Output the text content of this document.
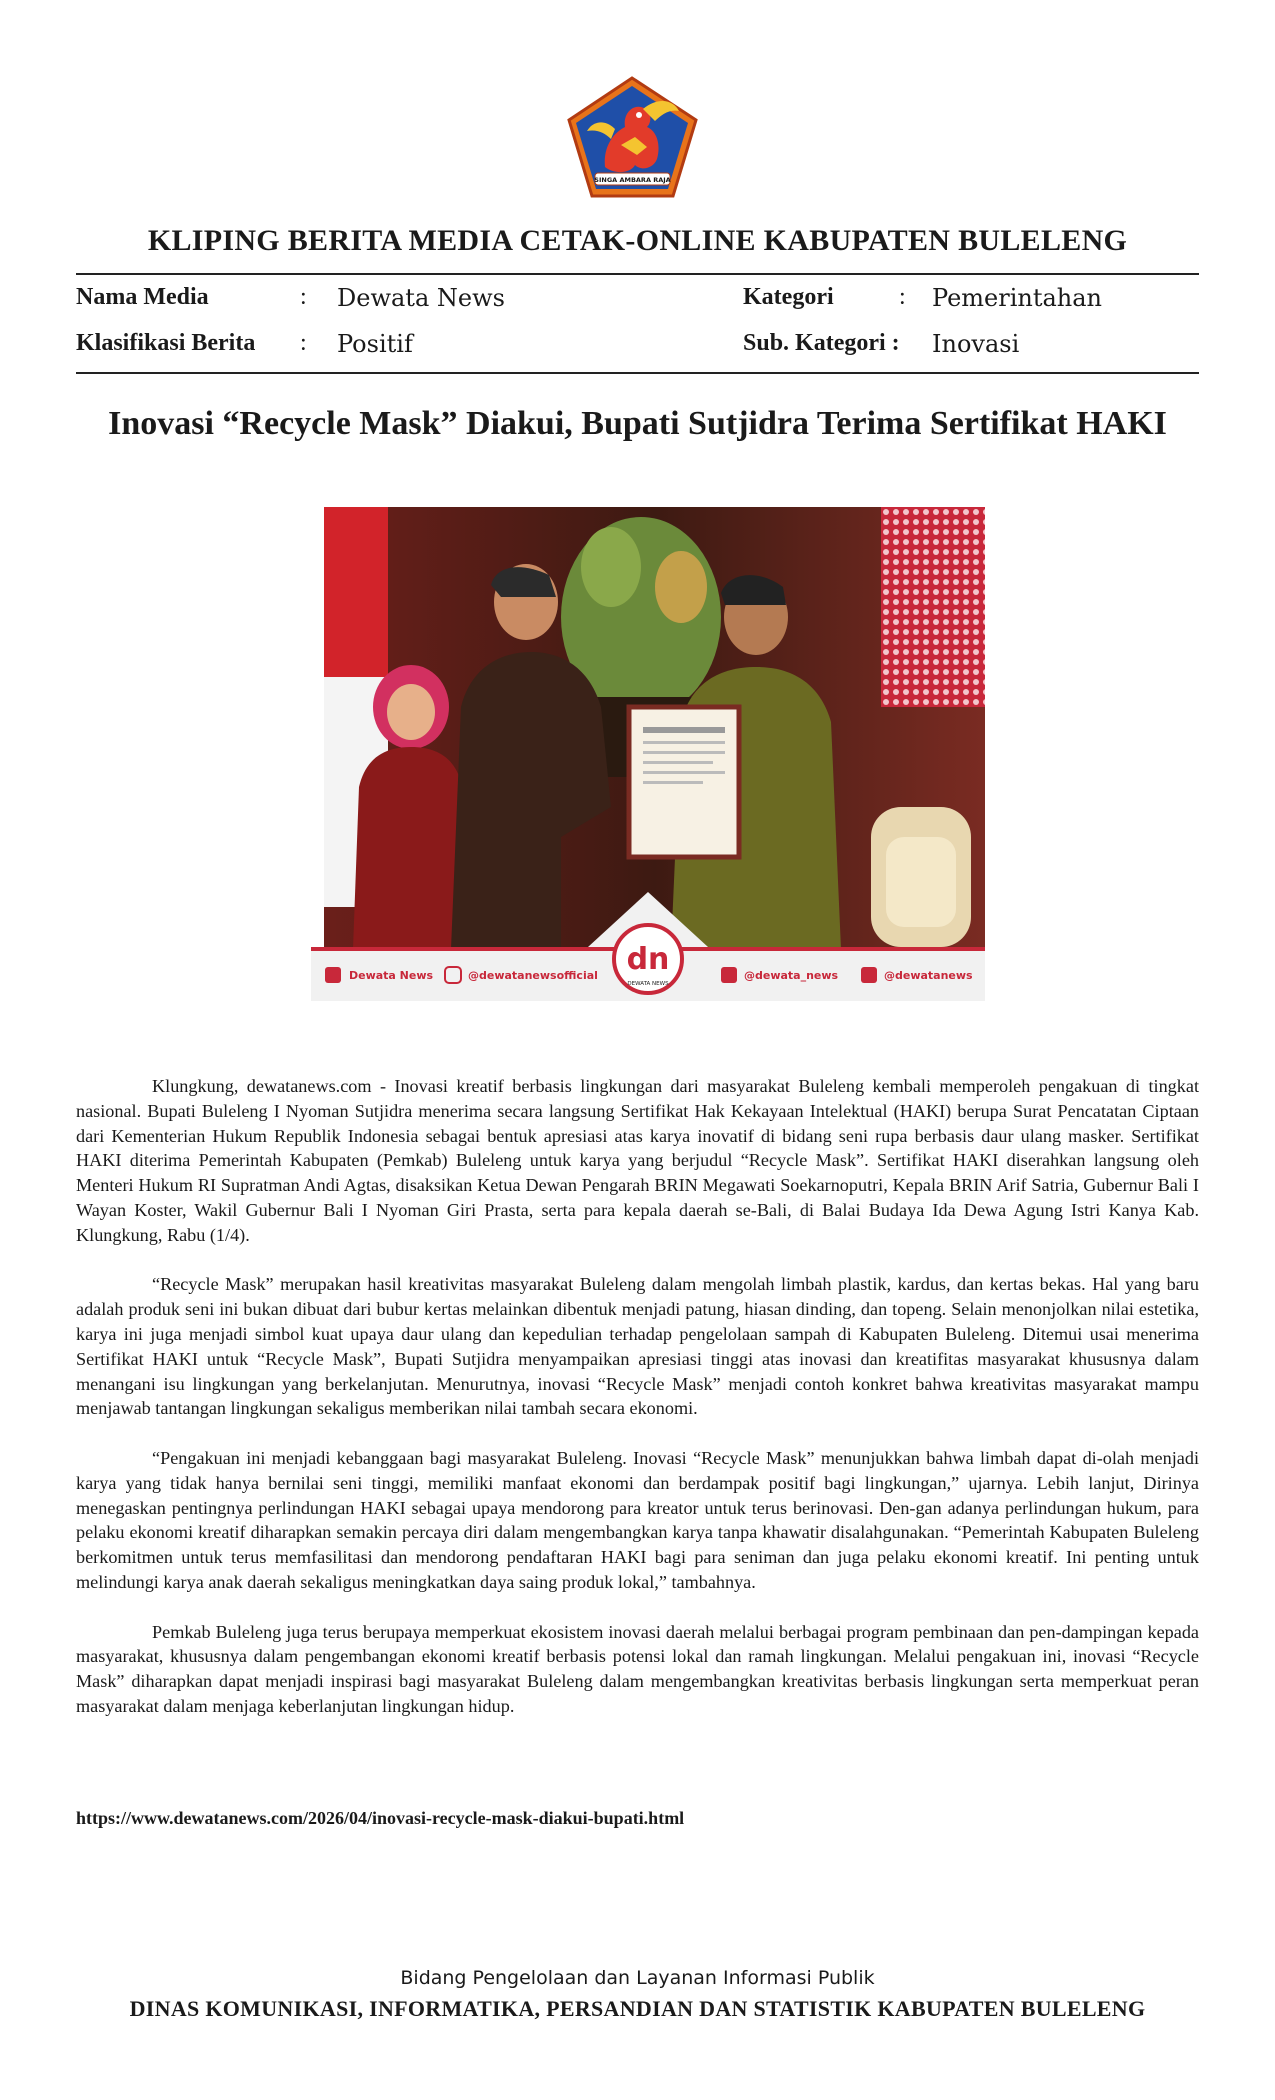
SINGA AMBARA RAJA
KLIPING BERITA MEDIA CETAK-ONLINE KABUPATEN BULELENG
Nama Media	: Dewata News
Klasifikasi Berita : Positif
Kategori	: Pemerintahan
Sub. Kategori : Inovasi
Inovasi “Recycle Mask” Diakui, Bupati Sutjidra Terima Sertifikat HAKI
dn
DEWATA NEWS
Dewata News	@dewatanewsofficial	@dewata_news	@dewatanews

Klungkung, dewatanews.com - Inovasi kreatif berbasis lingkungan dari masyarakat Buleleng kembali memperoleh pengakuan di tingkat nasional. Bupati Buleleng I Nyoman Sutjidra menerima secara langsung Sertifikat Hak Kekayaan Intelektual (HAKI) berupa Surat Pencatatan Ciptaan dari Kementerian Hukum Republik Indonesia sebagai bentuk apresiasi atas karya inovatif di bidang seni rupa berbasis daur ulang masker. Sertifikat HAKI diterima Pemerintah Kabupaten (Pemkab) Buleleng untuk karya yang berjudul “Recycle Mask”. Sertifikat HAKI diserahkan langsung oleh Menteri Hukum RI Supratman Andi Agtas, disaksikan Ketua Dewan Pengarah BRIN Megawati Soekarnoputri, Kepala BRIN Arif Satria, Gubernur Bali I Wayan Koster, Wakil Gubernur Bali I Nyoman Giri Prasta, serta para kepala daerah se-Bali, di Balai Budaya Ida Dewa Agung Istri Kanya Kab. Klungkung, Rabu (1/4).

“Recycle Mask” merupakan hasil kreativitas masyarakat Buleleng dalam mengolah limbah plastik, kardus, dan kertas bekas. Hal yang baru adalah produk seni ini bukan dibuat dari bubur kertas melainkan dibentuk menjadi patung, hiasan dinding, dan topeng. Selain menonjolkan nilai estetika, karya ini juga menjadi simbol kuat upaya daur ulang dan kepedulian terhadap pengelolaan sampah di Kabupaten Buleleng. Ditemui usai menerima Sertifikat HAKI untuk “Recycle Mask”, Bupati Sutjidra menyampaikan apresiasi tinggi atas inovasi dan kreatifitas masyarakat khususnya dalam menangani isu lingkungan yang berkelanjutan. Menurutnya, inovasi “Recycle Mask” menjadi contoh konkret bahwa kreativitas masyarakat mampu menjawab tantangan lingkungan sekaligus memberikan nilai tambah secara ekonomi.

“Pengakuan ini menjadi kebanggaan bagi masyarakat Buleleng. Inovasi “Recycle Mask” menunjukkan bahwa limbah dapat di-olah menjadi karya yang tidak hanya bernilai seni tinggi, memiliki manfaat ekonomi dan berdampak positif bagi lingkungan,” ujarnya. Lebih lanjut, Dirinya menegaskan pentingnya perlindungan HAKI sebagai upaya mendorong para kreator untuk terus berinovasi. Den-gan adanya perlindungan hukum, para pelaku ekonomi kreatif diharapkan semakin percaya diri dalam mengembangkan karya tanpa khawatir disalahgunakan. “Pemerintah Kabupaten Buleleng berkomitmen untuk terus memfasilitasi dan mendorong pendaftaran HAKI bagi para seniman dan juga pelaku ekonomi kreatif. Ini penting untuk melindungi karya anak daerah sekaligus meningkatkan daya saing produk lokal,” tambahnya.

Pemkab Buleleng juga terus berupaya memperkuat ekosistem inovasi daerah melalui berbagai program pembinaan dan pen-dampingan kepada masyarakat, khususnya dalam pengembangan ekonomi kreatif berbasis potensi lokal dan ramah lingkungan. Melalui pengakuan ini, inovasi “Recycle Mask” diharapkan dapat menjadi inspirasi bagi masyarakat Buleleng dalam mengembangkan kreativitas berbasis lingkungan serta memperkuat peran masyarakat dalam menjaga keberlanjutan lingkungan hidup.

https://www.dewatanews.com/2026/04/inovasi-recycle-mask-diakui-bupati.html
Bidang Pengelolaan dan Layanan Informasi Publik
DINAS KOMUNIKASI, INFORMATIKA, PERSANDIAN DAN STATISTIK KABUPATEN BULELENG
